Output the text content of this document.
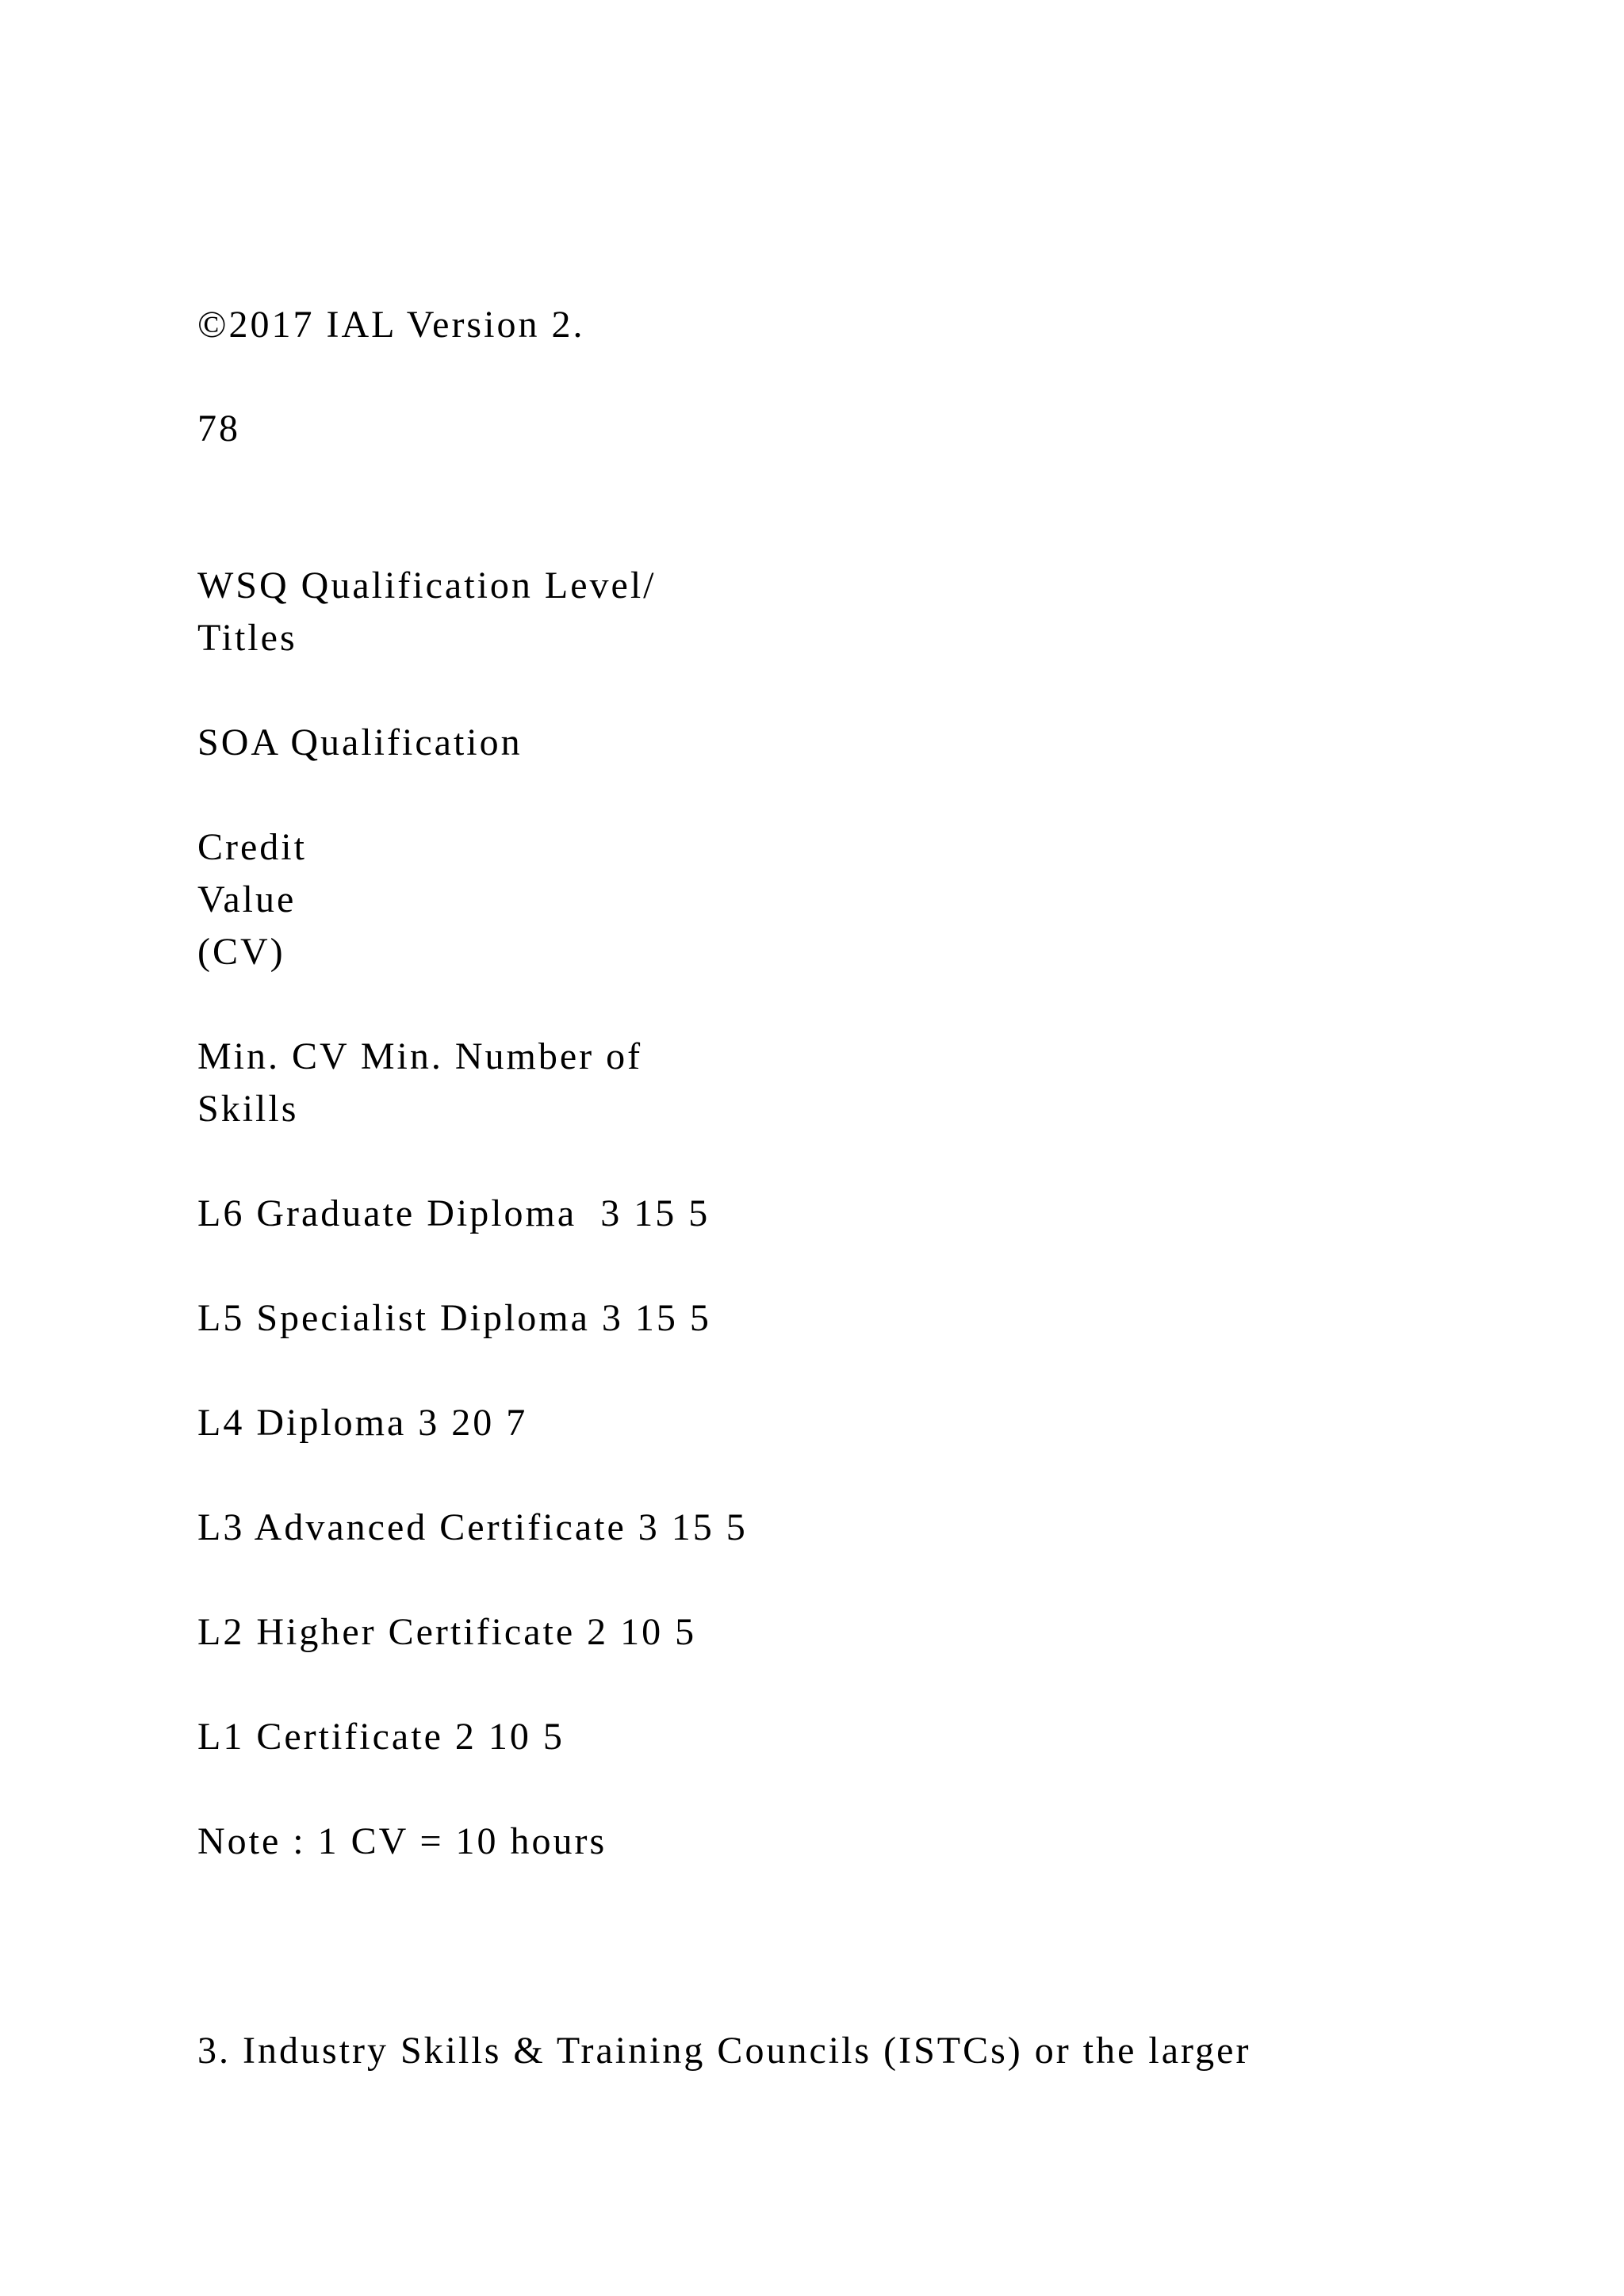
©2017 IAL Version 2.
78
WSQ Qualification Level/
Titles
SOA Qualification
Credit
Value
(CV)
Min. CV Min. Number of
Skills
L6 Graduate Diploma  3 15 5
L5 Specialist Diploma 3 15 5
L4 Diploma 3 20 7
L3 Advanced Certificate 3 15 5
L2 Higher Certificate 2 10 5
L1 Certificate 2 10 5
Note : 1 CV = 10 hours
3. Industry Skills & Training Councils (ISTCs) or the larger
